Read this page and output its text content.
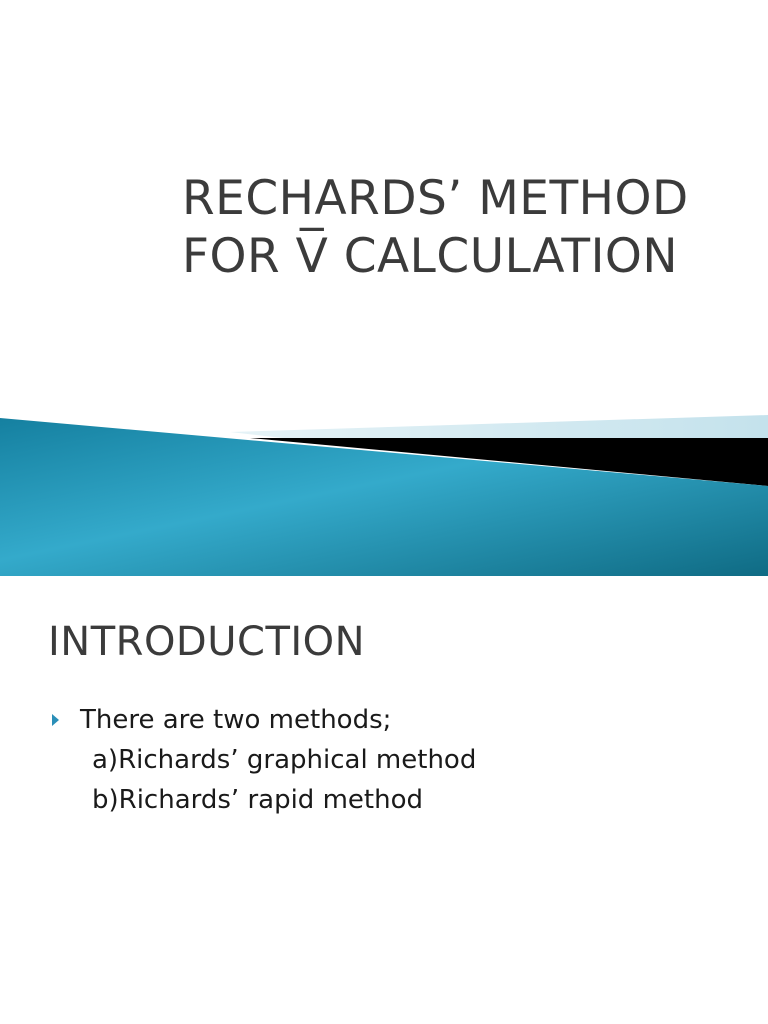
RECHARDS’ METHOD
FOR V̅ CALCULATION
INTRODUCTION
There are two methods;
a)Richards’ graphical method
b)Richards’ rapid method
